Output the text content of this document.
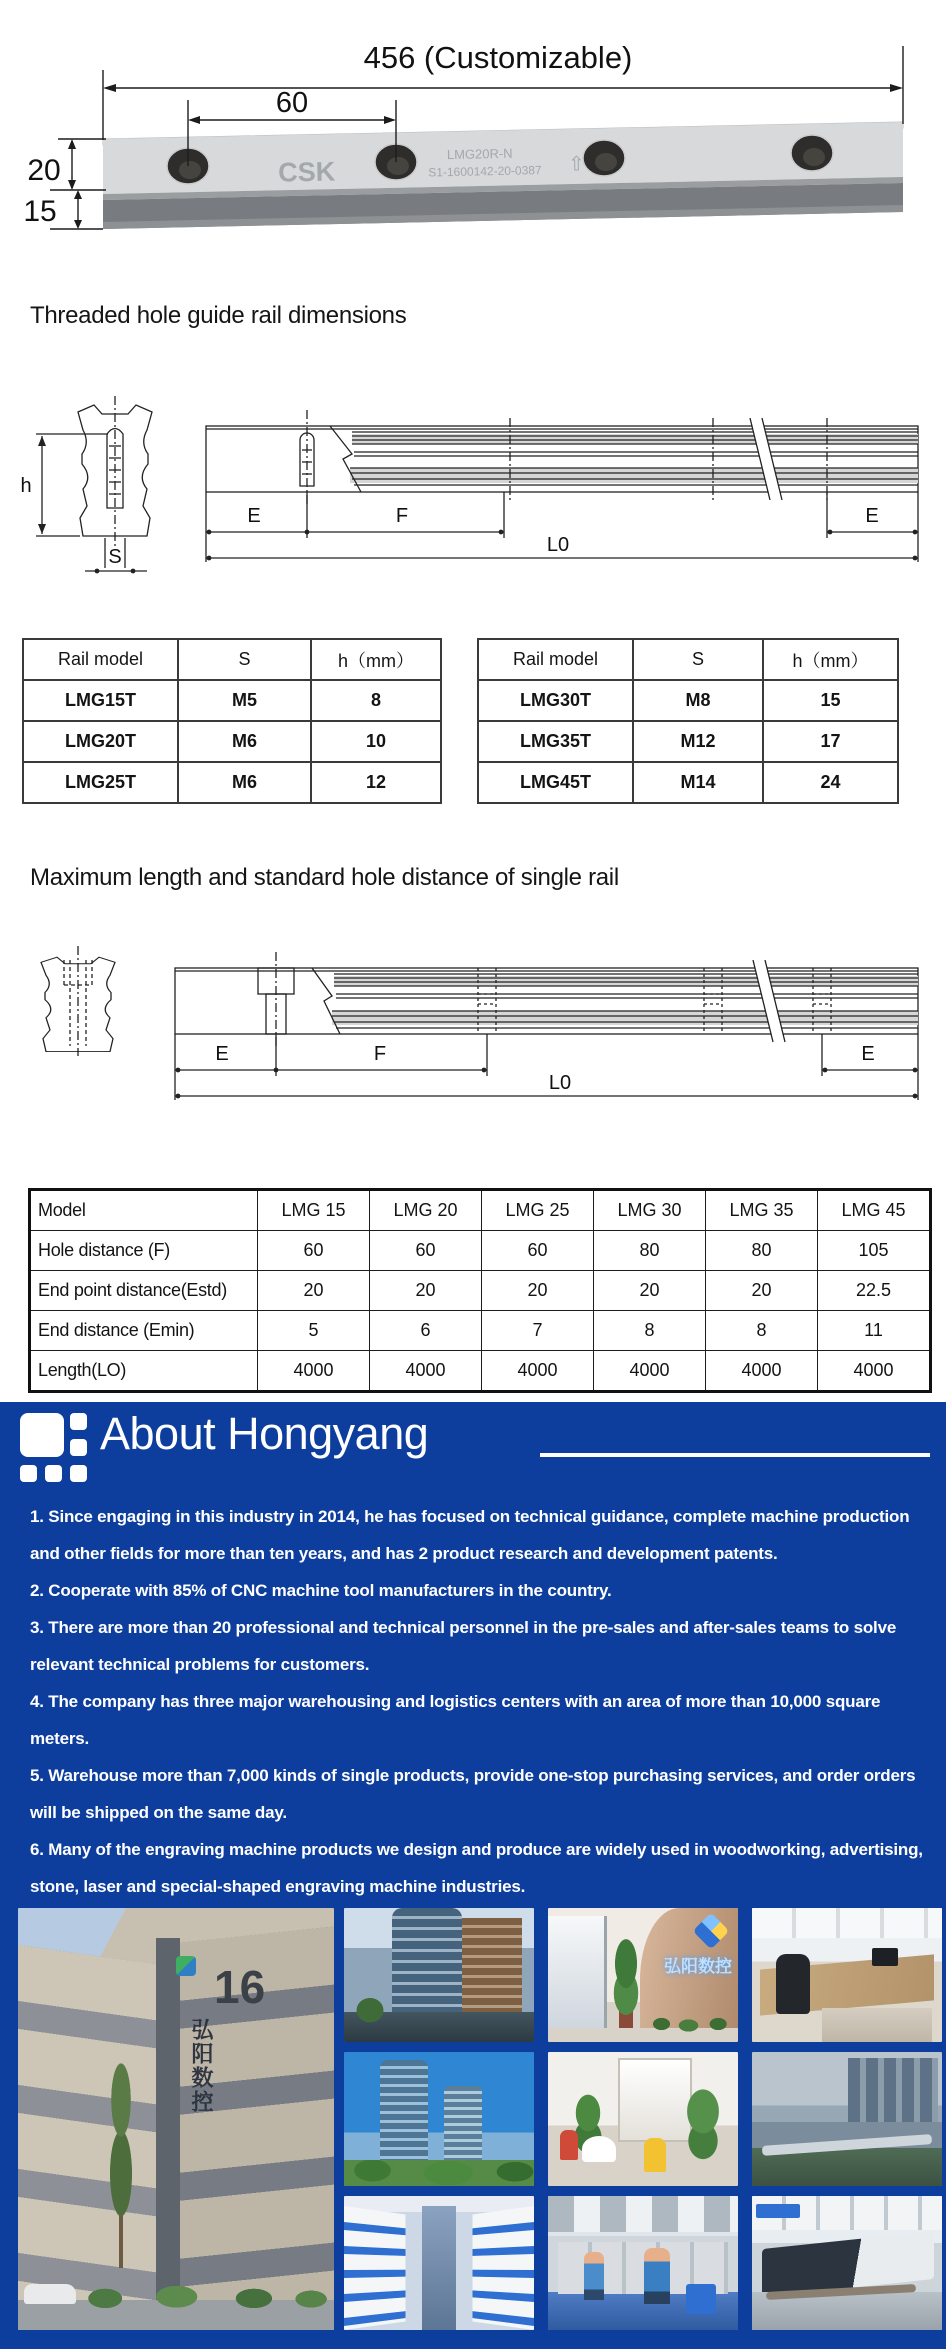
CSK
LMG20R-N
S1-1600142-20-0387 ⇧
456 (Customizable)
60
20
15
Threaded hole guide rail dimensions
h
S
E	F	E
L0
Rail model	S	h（mm）
LMG15T	M5	8
LMG20T	M6	10
LMG25T	M6	12
Rail model	S	h（mm）
LMG30T	M8	15
LMG35T	M12	17
LMG45T	M14	24
Maximum length and standard hole distance of single rail
E	F	E
L0
Model	LMG 15	LMG 20	LMG 25	LMG 30	LMG 35	LMG 45
Hole distance (F)	60	60	60	80	80	105
End point distance(Estd)	20	20	20	20	20	22.5
End distance (Emin)	5	6	7	8	8	11
Length(LO)	4000	4000	4000	4000	4000	4000
About Hongyang

1. Since engaging in this industry in 2014, he has focused on technical guidance, complete machine production and other fields for more than ten years, and has 2 product research and development patents.

2. Cooperate with 85% of CNC machine tool manufacturers in the country.

3. There are more than 20 professional and technical personnel in the pre-sales and after-sales teams to solve relevant technical problems for customers.

4. The company has three major warehousing and logistics centers with an area of more than 10,000 square meters.

5. Warehouse more than 7,000 kinds of single products, provide one-stop purchasing services, and order orders will be shipped on the same day.

6. Many of the engraving machine products we design and produce are widely used in woodworking, advertising, stone, laser and special-shaped engraving machine industries.

16
弘阳数控
弘阳数控
